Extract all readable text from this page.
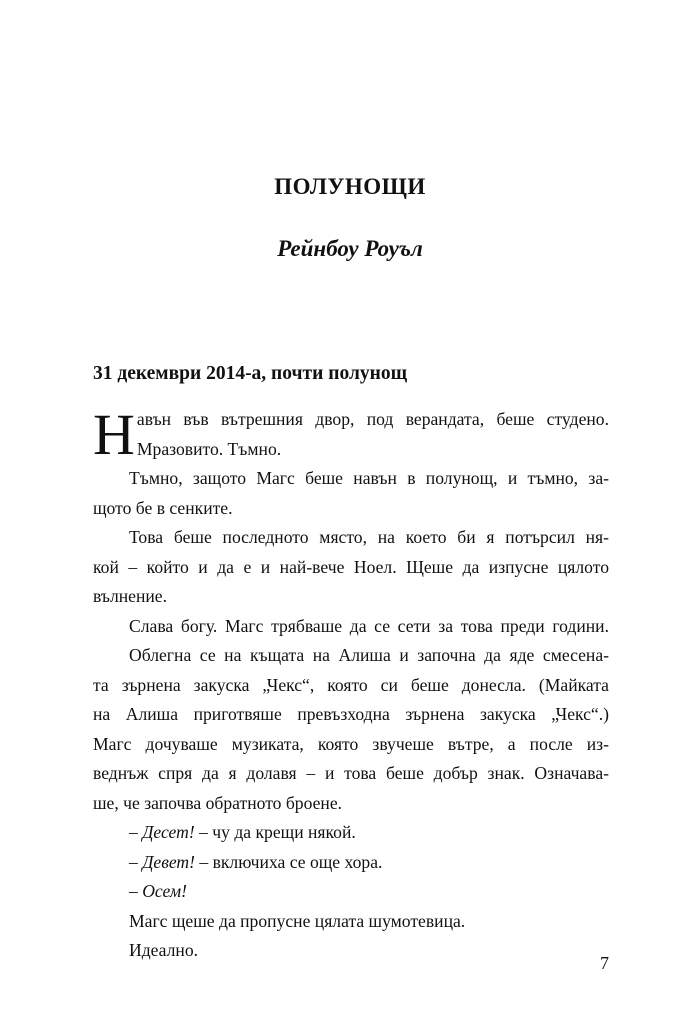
ПОЛУНОЩИ
Рейнбоу Роуъл
31 декември 2014-а, почти полунощ
Н авън във вътрешния двор, под верандата, беше студено.
Мразовито. Тъмно.
Тъмно, защото Магс беше навън в полунощ, и тъмно, за-
щото бе в сенките.
Това беше последното място, на което би я потърсил ня-
кой – който и да е и най-вече Ноел. Щеше да изпусне цялото
вълнение.
Слава богу. Магс трябваше да се сети за това преди години.
Облегна се на къщата на Алиша и започна да яде смесена-
та зърнена закуска „Чекс“, която си беше донесла. (Майката
на Алиша приготвяше превъзходна зърнена закуска „Чекс“.)
Магс дочуваше музиката, която звучеше вътре, а после из-
веднъж спря да я долавя – и това беше добър знак. Означава-
ше, че започва обратното броене.
– Десет! – чу да крещи някой.
– Девет! – включиха се още хора.
– Осем!
Магс щеше да пропусне цялата шумотевица.
Идеално.
7
